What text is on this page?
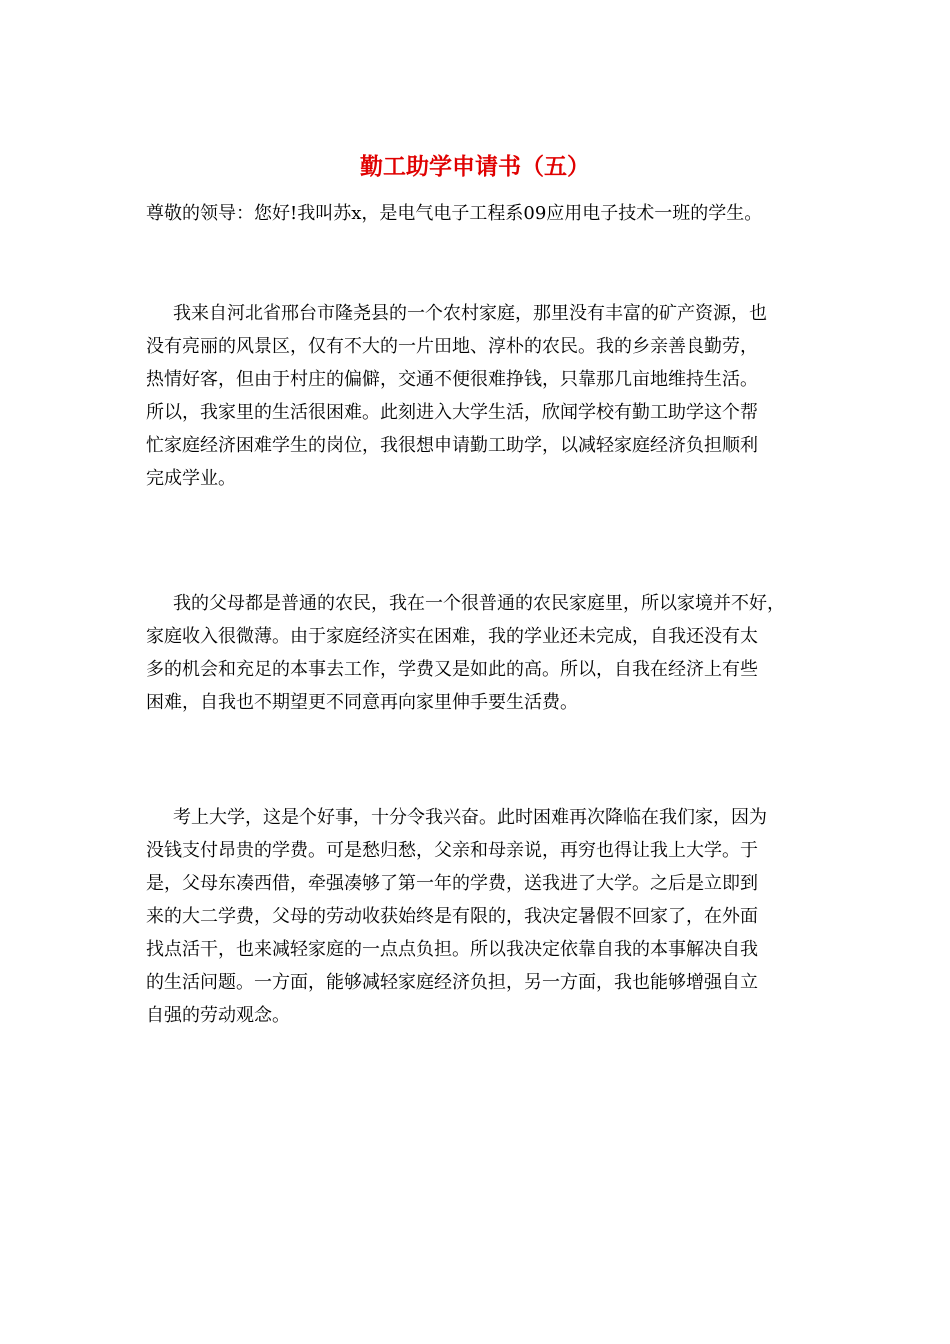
勤工助学申请书（五）
尊敬的领导：您好!我叫苏x，是电气电子工程系09应用电子技术一班的学生。
我来自河北省邢台市隆尧县的一个农村家庭，那里没有丰富的矿产资源，也
没有亮丽的风景区，仅有不大的一片田地、淳朴的农民。我的乡亲善良勤劳，
热情好客，但由于村庄的偏僻，交通不便很难挣钱，只靠那几亩地维持生活。
所以，我家里的生活很困难。此刻进入大学生活，欣闻学校有勤工助学这个帮
忙家庭经济困难学生的岗位，我很想申请勤工助学，以减轻家庭经济负担顺利
完成学业。
我的父母都是普通的农民，我在一个很普通的农民家庭里，所以家境并不好，
家庭收入很微薄。由于家庭经济实在困难，我的学业还未完成，自我还没有太
多的机会和充足的本事去工作，学费又是如此的高。所以，自我在经济上有些
困难，自我也不期望更不同意再向家里伸手要生活费。
考上大学，这是个好事，十分令我兴奋。此时困难再次降临在我们家，因为
没钱支付昂贵的学费。可是愁归愁，父亲和母亲说，再穷也得让我上大学。于
是，父母东凑西借，牵强凑够了第一年的学费，送我进了大学。之后是立即到
来的大二学费，父母的劳动收获始终是有限的，我决定暑假不回家了，在外面
找点活干，也来减轻家庭的一点点负担。所以我决定依靠自我的本事解决自我
的生活问题。一方面，能够减轻家庭经济负担，另一方面，我也能够增强自立
自强的劳动观念。
